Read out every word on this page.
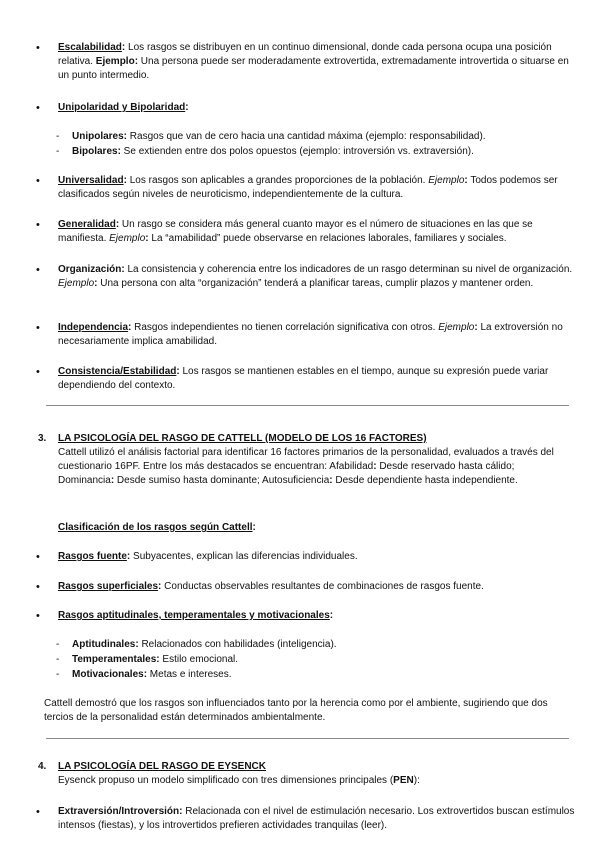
• Escalabilidad: Los rasgos se distribuyen en un continuo dimensional, donde cada persona ocupa una posición relativa. Ejemplo: Una persona puede ser moderadamente extrovertida, extremadamente introvertida o situarse en un punto intermedio.
• Unipolaridad y Bipolaridad:
- Unipolares: Rasgos que van de cero hacia una cantidad máxima (ejemplo: responsabilidad).
- Bipolares: Se extienden entre dos polos opuestos (ejemplo: introversión vs. extraversión).
• Universalidad: Los rasgos son aplicables a grandes proporciones de la población. Ejemplo: Todos podemos ser clasificados según niveles de neuroticismo, independientemente de la cultura.
• Generalidad: Un rasgo se considera más general cuanto mayor es el número de situaciones en las que se manifiesta. Ejemplo: La “amabilidad” puede observarse en relaciones laborales, familiares y sociales.
• Organización: La consistencia y coherencia entre los indicadores de un rasgo determinan su nivel de organización. Ejemplo: Una persona con alta “organización” tenderá a planificar tareas, cumplir plazos y mantener orden.
• Independencia: Rasgos independientes no tienen correlación significativa con otros. Ejemplo: La extroversión no necesariamente implica amabilidad.
• Consistencia/Estabilidad: Los rasgos se mantienen estables en el tiempo, aunque su expresión puede variar dependiendo del contexto.
3. LA PSICOLOGÍA DEL RASGO DE CATTELL (MODELO DE LOS 16 FACTORES)
Cattell utilizó el análisis factorial para identificar 16 factores primarios de la personalidad, evaluados a través del cuestionario 16PF. Entre los más destacados se encuentran: Afabilidad: Desde reservado hasta cálido; Dominancia: Desde sumiso hasta dominante; Autosuficiencia: Desde dependiente hasta independiente.
Clasificación de los rasgos según Cattell:
• Rasgos fuente: Subyacentes, explican las diferencias individuales.
• Rasgos superficiales: Conductas observables resultantes de combinaciones de rasgos fuente.
• Rasgos aptitudinales, temperamentales y motivacionales:
- Aptitudinales: Relacionados con habilidades (inteligencia).
- Temperamentales: Estilo emocional.
- Motivacionales: Metas e intereses.
Cattell demostró que los rasgos son influenciados tanto por la herencia como por el ambiente, sugiriendo que dos tercios de la personalidad están determinados ambientalmente.
4. LA PSICOLOGÍA DEL RASGO DE EYSENCK
Eysenck propuso un modelo simplificado con tres dimensiones principales (PEN):
• Extraversión/Introversión: Relacionada con el nivel de estimulación necesario. Los extrovertidos buscan estímulos intensos (fiestas), y los introvertidos prefieren actividades tranquilas (leer).
